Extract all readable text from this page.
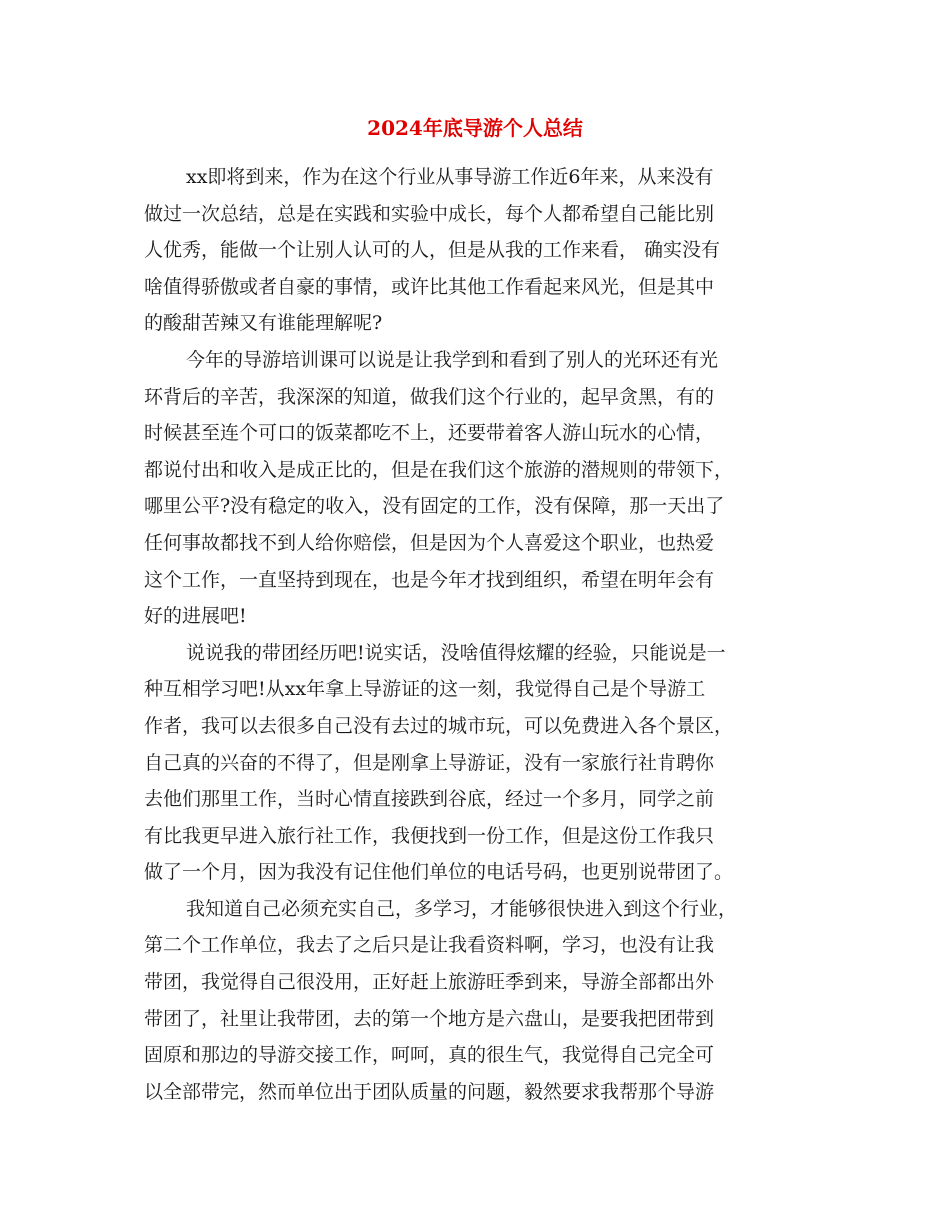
2024年底导游个人总结
xx即将到来，作为在这个行业从事导游工作近6年来，从来没有
做过一次总结，总是在实践和实验中成长，每个人都希望自己能比别
人优秀，能做一个让别人认可的人，但是从我的工作来看， 确实没有
啥值得骄傲或者自豪的事情，或许比其他工作看起来风光，但是其中
的酸甜苦辣又有谁能理解呢?
今年的导游培训课可以说是让我学到和看到了别人的光环还有光
环背后的辛苦，我深深的知道，做我们这个行业的，起早贪黑，有的
时候甚至连个可口的饭菜都吃不上，还要带着客人游山玩水的心情，
都说付出和收入是成正比的，但是在我们这个旅游的潜规则的带领下，
哪里公平?没有稳定的收入，没有固定的工作，没有保障，那一天出了
任何事故都找不到人给你赔偿，但是因为个人喜爱这个职业，也热爱
这个工作，一直坚持到现在，也是今年才找到组织，希望在明年会有
好的进展吧!
说说我的带团经历吧!说实话，没啥值得炫耀的经验，只能说是一
种互相学习吧!从xx年拿上导游证的这一刻，我觉得自己是个导游工
作者，我可以去很多自己没有去过的城市玩，可以免费进入各个景区，
自己真的兴奋的不得了，但是刚拿上导游证，没有一家旅行社肯聘你
去他们那里工作，当时心情直接跌到谷底，经过一个多月，同学之前
有比我更早进入旅行社工作，我便找到一份工作，但是这份工作我只
做了一个月，因为我没有记住他们单位的电话号码，也更别说带团了。
我知道自己必须充实自己，多学习，才能够很快进入到这个行业，
第二个工作单位，我去了之后只是让我看资料啊，学习，也没有让我
带团，我觉得自己很没用，正好赶上旅游旺季到来，导游全部都出外
带团了，社里让我带团，去的第一个地方是六盘山，是要我把团带到
固原和那边的导游交接工作，呵呵，真的很生气，我觉得自己完全可
以全部带完，然而单位出于团队质量的问题，毅然要求我帮那个导游
